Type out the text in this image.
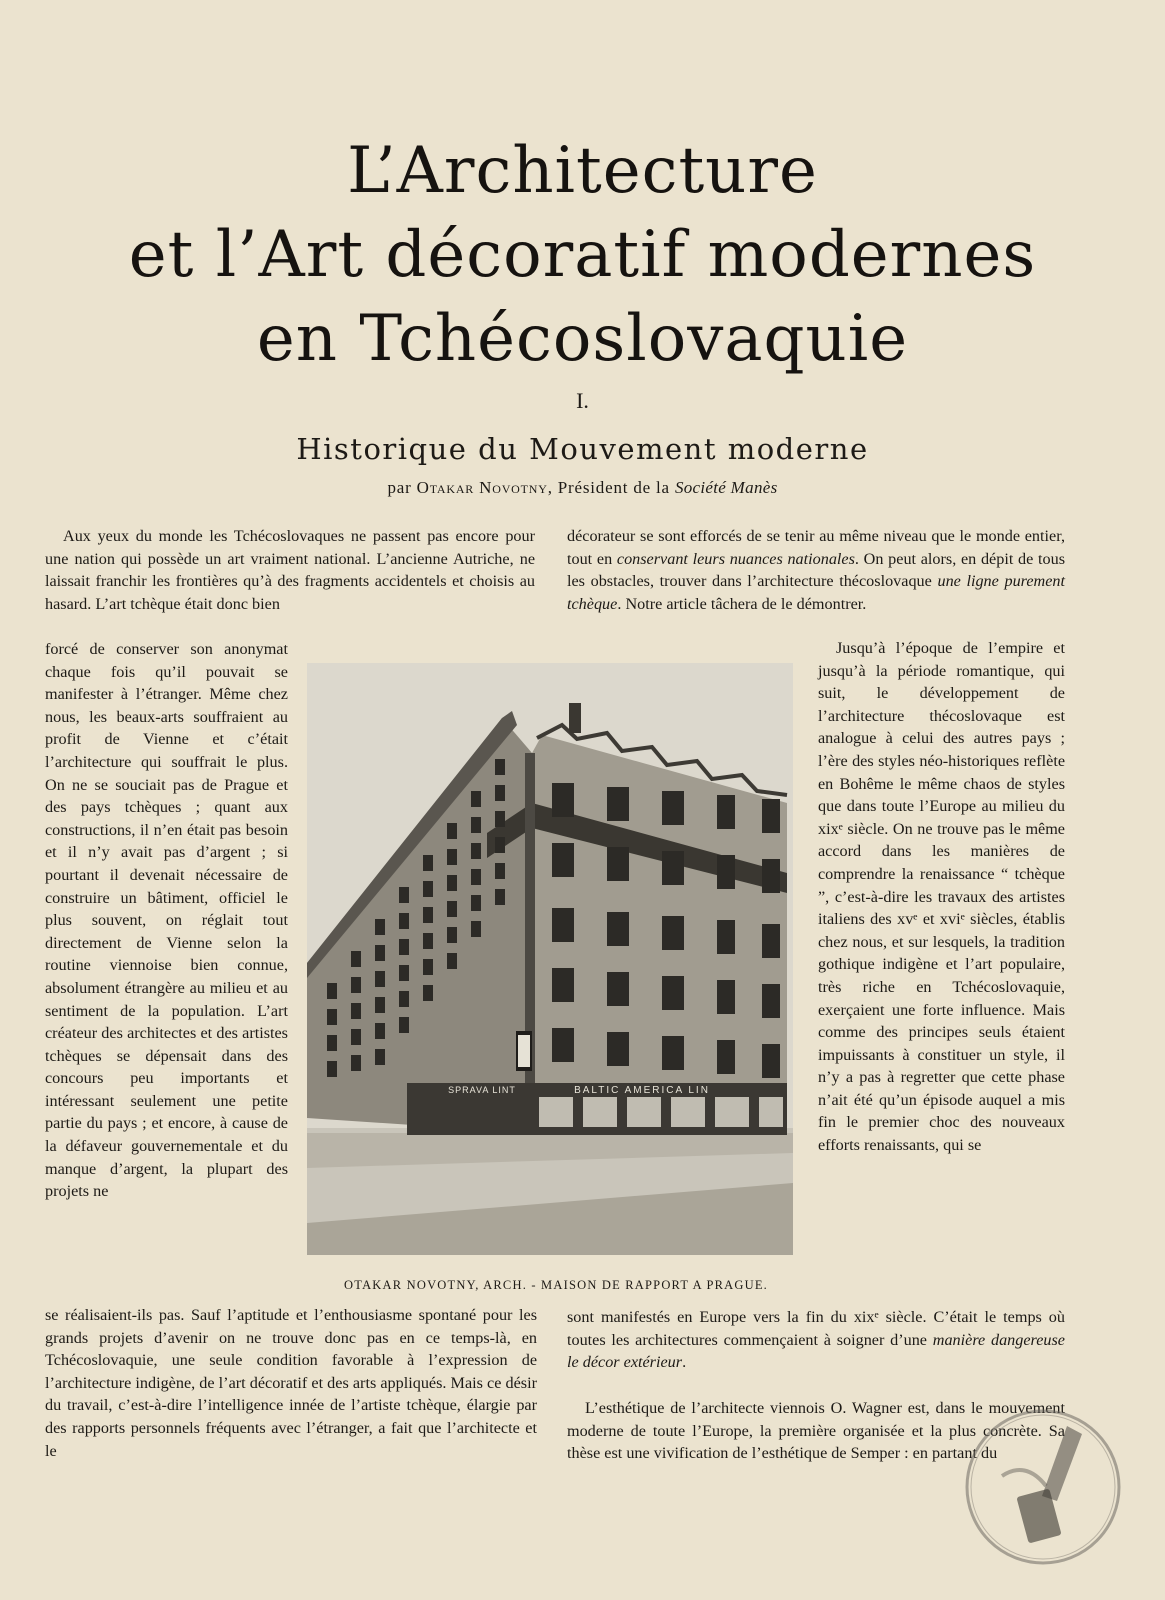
L’Architecture
et l’Art décoratif modernes
en Tchécoslovaquie
I.
Historique du Mouvement moderne
par Otakar Novotny, Président de la Société Manès

Aux yeux du monde les Tchécoslovaques ne passent pas encore pour une nation qui possède un art vraiment national. L’ancienne Autriche, ne laissait franchir les frontières qu’à des fragments accidentels et choisis au hasard. L’art tchèque était donc bien

forcé de conserver son anonymat chaque fois qu’il pouvait se manifester à l’étranger. Même chez nous, les beaux-arts souffraient au profit de Vienne et c’était l’architecture qui souffrait le plus. On ne se souciait pas de Prague et des pays tchèques ; quant aux constructions, il n’en était pas besoin et il n’y avait pas d’argent ; si pourtant il devenait nécessaire de construire un bâtiment, officiel le plus souvent, on réglait tout directement de Vienne selon la routine viennoise bien connue, absolument étrangère au milieu et au sentiment de la population. L’art créateur des architectes et des artistes tchèques se dépensait dans des concours peu importants et intéressant seulement une petite partie du pays ; et encore, à cause de la défaveur gouvernementale et du manque d’argent, la plupart des projets ne

se réalisaient-ils pas. Sauf l’aptitude et l’enthousiasme spontané pour les grands projets d’avenir on ne trouve donc pas en ce temps-là, en Tchécoslovaquie, une seule condition favorable à l’expression de l’architecture indigène, de l’art décoratif et des arts appliqués. Mais ce désir du travail, c’est-à-dire l’intelligence innée de l’artiste tchèque, élargie par des rapports personnels fréquents avec l’étranger, a fait que l’architecte et le

décorateur se sont efforcés de se tenir au même niveau que le monde entier, tout en conservant leurs nuances nationales. On peut alors, en dépit de tous les obstacles, trouver dans l’architecture thécoslovaque une ligne purement tchèque. Notre article tâchera de le démontrer.

Jusqu’à l’époque de l’empire et jusqu’à la période romantique, qui suit, le développement de l’architecture thécoslovaque est analogue à celui des autres pays ; l’ère des styles néo-historiques reflète en Bohême le même chaos de styles que dans toute l’Europe au milieu du xixᵉ siècle. On ne trouve pas le même accord dans les manières de comprendre la renaissance “ tchèque ”, c’est-à-dire les travaux des artistes italiens des xvᵉ et xviᵉ siècles, établis chez nous, et sur lesquels, la tradition gothique indigène et l’art populaire, très riche en Tchécoslovaquie, exerçaient une forte influence. Mais comme des principes seuls étaient impuissants à constituer un style, il n’y a pas à regretter que cette phase n’ait été qu’un épisode auquel a mis fin le premier choc des nouveaux efforts renaissants, qui se

sont manifestés en Europe vers la fin du xixᵉ siècle. C’était le temps où toutes les architectures commençaient à soigner d’une manière dangereuse le décor extérieur.

L’esthétique de l’architecte viennois O. Wagner est, dans le mouvement moderne de toute l’Europe, la première organisée et la plus concrète. Sa thèse est une vivification de l’esthétique de Semper : en partant du

BALTIC AMERICA LIN
SPRAVA LINT
OTAKAR NOVOTNY, ARCH. - MAISON DE RAPPORT A PRAGUE.
